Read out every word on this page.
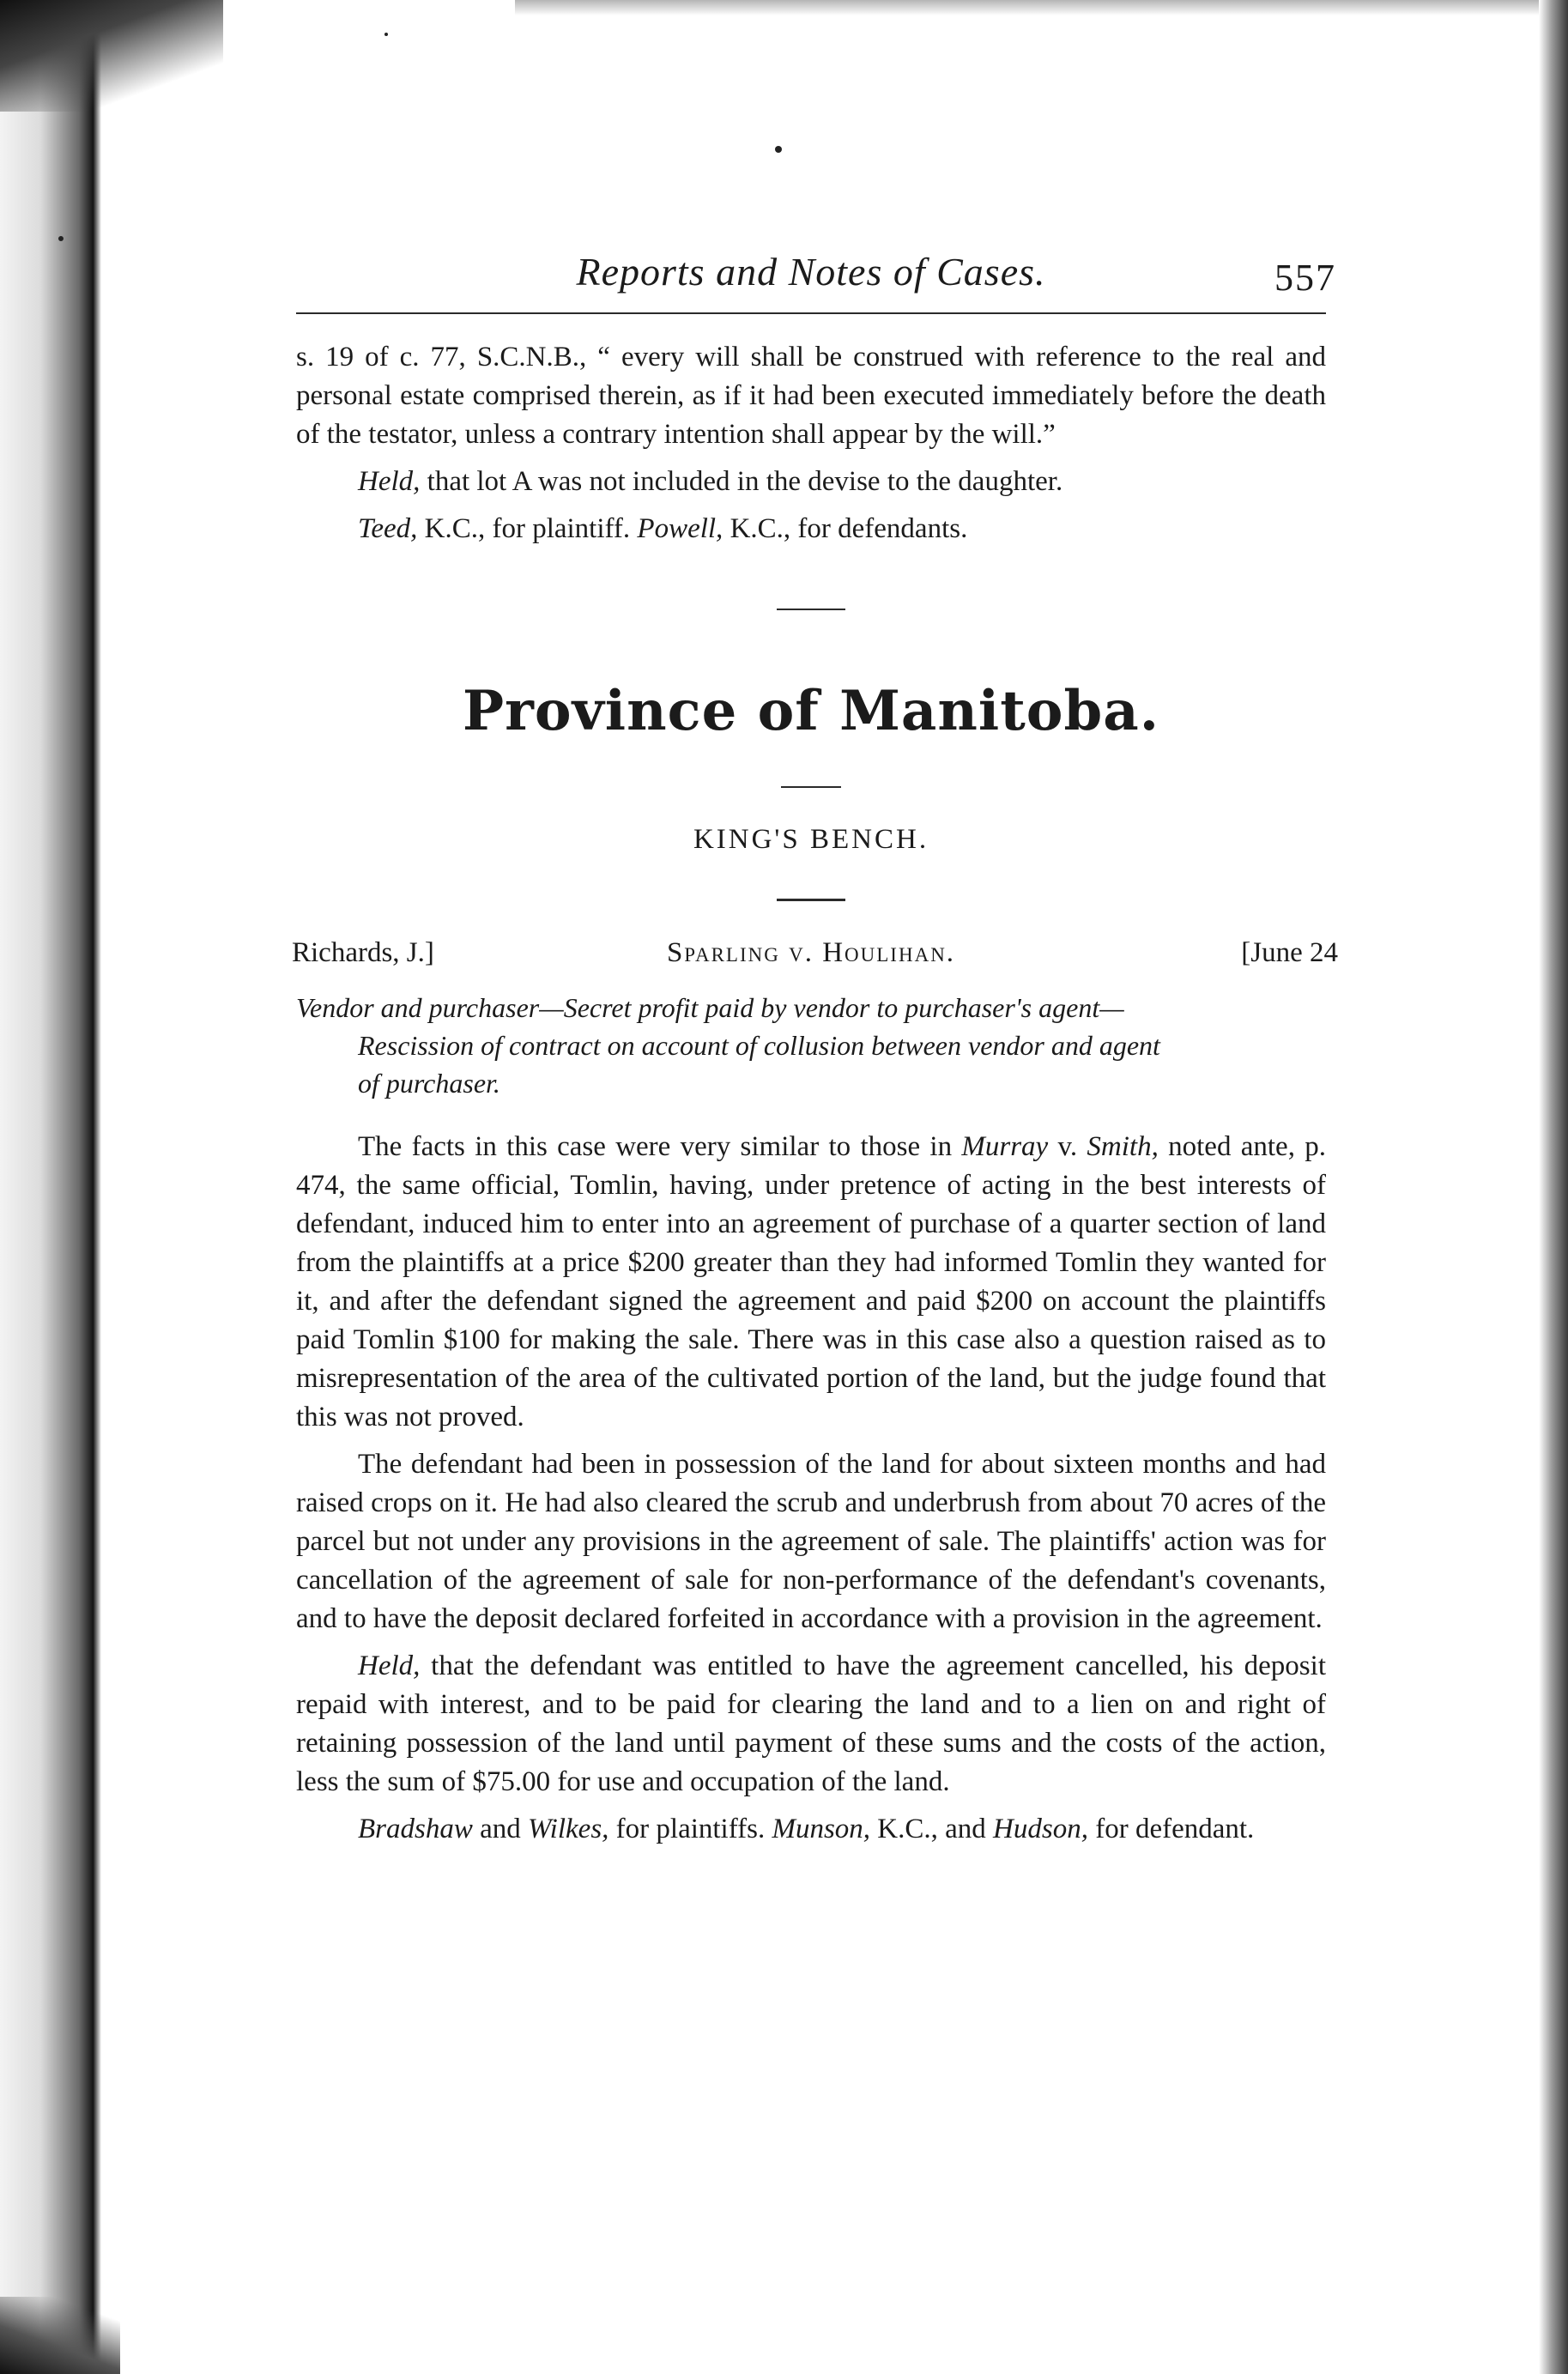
Reports and Notes of Cases.	557

s. 19 of c. 77, S.C.N.B., “ every will shall be construed with reference to the real and personal estate comprised therein, as if it had been executed immediately before the death of the testator, unless a contrary intention shall appear by the will.”

Held, that lot A was not included in the devise to the daughter.

Teed, K.C., for plaintiff. Powell, K.C., for defendants.

Province of Manitoba.
KING'S BENCH.
Richards, J.]	Sparling v. Houlihan.	[June 24
Vendor and purchaser—Secret profit paid by vendor to purchaser's agent—
Rescission of contract on account of collusion between vendor and agent
of purchaser.

The facts in this case were very similar to those in Murray v. Smith, noted ante, p. 474, the same official, Tomlin, having, under pretence of acting in the best interests of defendant, induced him to enter into an agreement of purchase of a quarter section of land from the plaintiffs at a price $200 greater than they had informed Tomlin they wanted for it, and after the defendant signed the agreement and paid $200 on account the plaintiffs paid Tomlin $100 for making the sale. There was in this case also a question raised as to misrepresentation of the area of the cultivated portion of the land, but the judge found that this was not proved.

The defendant had been in possession of the land for about sixteen months and had raised crops on it. He had also cleared the scrub and underbrush from about 70 acres of the parcel but not under any provisions in the agreement of sale. The plaintiffs' action was for cancellation of the agreement of sale for non-performance of the defendant's covenants, and to have the deposit declared forfeited in accordance with a provision in the agreement.

Held, that the defendant was entitled to have the agreement cancelled, his deposit repaid with interest, and to be paid for clearing the land and to a lien on and right of retaining possession of the land until payment of these sums and the costs of the action, less the sum of $75.00 for use and occupation of the land.

Bradshaw and Wilkes, for plaintiffs. Munson, K.C., and Hudson, for defendant.
